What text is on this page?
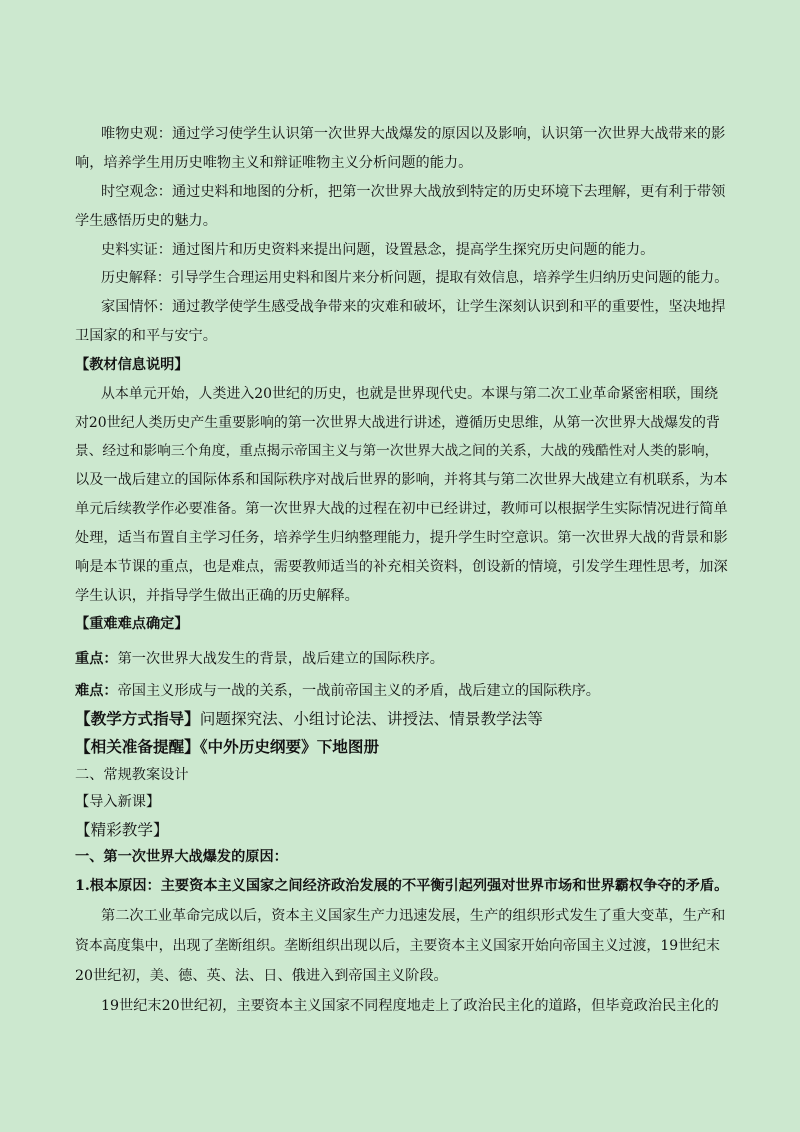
唯物史观：通过学习使学生认识第一次世界大战爆发的原因以及影响，认识第一次世界大战带来的影
响，培养学生用历史唯物主义和辩证唯物主义分析问题的能力。
时空观念：通过史料和地图的分析，把第一次世界大战放到特定的历史环境下去理解，更有利于带领
学生感悟历史的魅力。
史料实证：通过图片和历史资料来提出问题，设置悬念，提高学生探究历史问题的能力。
历史解释：引导学生合理运用史料和图片来分析问题，提取有效信息，培养学生归纳历史问题的能力。
家国情怀：通过教学使学生感受战争带来的灾难和破坏，让学生深刻认识到和平的重要性，坚决地捍
卫国家的和平与安宁。
【教材信息说明】
从本单元开始，人类进入20世纪的历史，也就是世界现代史。本课与第二次工业革命紧密相联，围绕
对20世纪人类历史产生重要影响的第一次世界大战进行讲述，遵循历史思维，从第一次世界大战爆发的背
景、经过和影响三个角度，重点揭示帝国主义与第一次世界大战之间的关系，大战的残酷性对人类的影响，
以及一战后建立的国际体系和国际秩序对战后世界的影响，并将其与第二次世界大战建立有机联系，为本
单元后续教学作必要准备。第一次世界大战的过程在初中已经讲过，教师可以根据学生实际情况进行简单
处理，适当布置自主学习任务，培养学生归纳整理能力，提升学生时空意识。第一次世界大战的背景和影
响是本节课的重点，也是难点，需要教师适当的补充相关资料，创设新的情境，引发学生理性思考，加深
学生认识，并指导学生做出正确的历史解释。
【重难难点确定】
重点：第一次世界大战发生的背景，战后建立的国际秩序。
难点：帝国主义形成与一战的关系，一战前帝国主义的矛盾，战后建立的国际秩序。
【教学方式指导】问题探究法、小组讨论法、讲授法、情景教学法等
【相关准备提醒】《中外历史纲要》下地图册
二、常规教案设计
【导入新课】
【精彩教学】
一、第一次世界大战爆发的原因：
1.根本原因：主要资本主义国家之间经济政治发展的不平衡引起列强对世界市场和世界霸权争夺的矛盾。
第二次工业革命完成以后，资本主义国家生产力迅速发展，生产的组织形式发生了重大变革，生产和
资本高度集中，出现了垄断组织。垄断组织出现以后，主要资本主义国家开始向帝国主义过渡，19世纪末
20世纪初，美、德、英、法、日、俄进入到帝国主义阶段。
19世纪末20世纪初，主要资本主义国家不同程度地走上了政治民主化的道路，但毕竟政治民主化的
